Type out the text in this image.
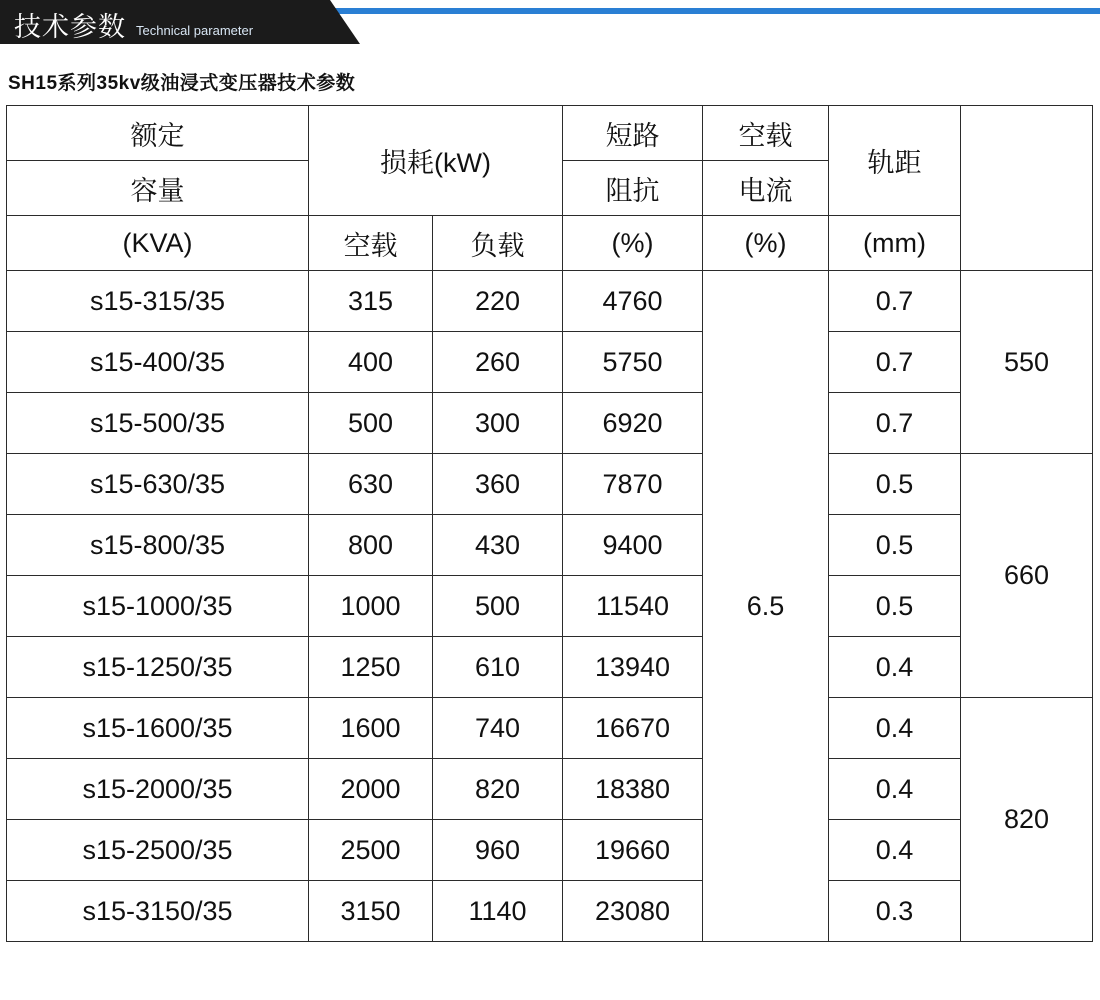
技术参数 Technical parameter
SH15系列35kv级油浸式变压器技术参数
额定	损耗(kW)		短路	空载	轨距	
容量			阻抗	电流		
(KVA)	空载	负载	(%)	(%)	(mm)	
s15-315/35	315	220	4760	6.5	0.7	550
s15-400/35	400	260	5750		0.7	
s15-500/35	500	300	6920		0.7	
s15-630/35	630	360	7870		0.5	660
s15-800/35	800	430	9400		0.5	
s15-1000/35	1000	500	11540		0.5	
s15-1250/35	1250	610	13940		0.4	
s15-1600/35	1600	740	16670		0.4	820
s15-2000/35	2000	820	18380		0.4	
s15-2500/35	2500	960	19660		0.4	
s15-3150/35	3150	1140	23080		0.3	
